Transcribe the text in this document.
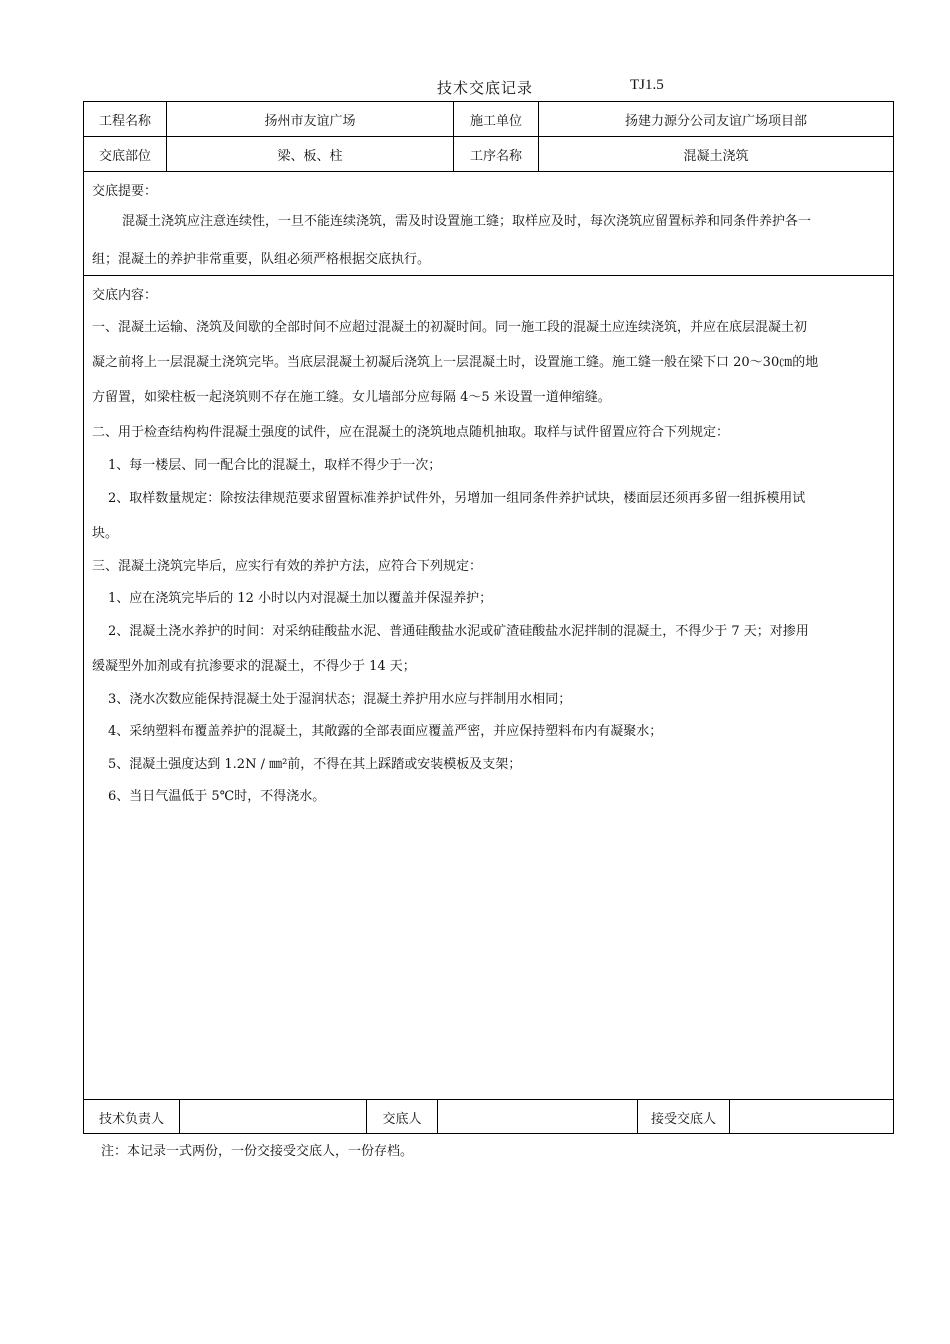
技术交底记录	TJ1.5
工程名称	扬州市友谊广场	施工单位	扬建力源分公司友谊广场项目部
交底部位	梁、板、柱	工序名称	混凝土浇筑
交底提要：
混凝土浇筑应注意连续性，一旦不能连续浇筑，需及时设置施工缝；取样应及时，每次浇筑应留置标养和同条件养护各一
组；混凝土的养护非常重要，队组必须严格根据交底执行。
交底内容：
一、混凝土运输、浇筑及间歇的全部时间不应超过混凝土的初凝时间。同一施工段的混凝土应连续浇筑，并应在底层混凝土初
凝之前将上一层混凝土浇筑完毕。当底层混凝土初凝后浇筑上一层混凝土时，设置施工缝。施工缝一般在梁下口 20～30㎝的地
方留置，如梁柱板一起浇筑则不存在施工缝。女儿墙部分应每隔 4～5 米设置一道伸缩缝。
二、用于检查结构构件混凝土强度的试件，应在混凝土的浇筑地点随机抽取。取样与试件留置应符合下列规定：
1、每一楼层、同一配合比的混凝土，取样不得少于一次；
2、取样数量规定：除按法律规范要求留置标准养护试件外，另增加一组同条件养护试块，楼面层还须再多留一组拆模用试
块。
三、混凝土浇筑完毕后，应实行有效的养护方法，应符合下列规定：
1、应在浇筑完毕后的 12 小时以内对混凝土加以覆盖并保湿养护；
2、混凝土浇水养护的时间：对采纳硅酸盐水泥、普通硅酸盐水泥或矿渣硅酸盐水泥拌制的混凝土，不得少于 7 天；对掺用
缓凝型外加剂或有抗渗要求的混凝土，不得少于 14 天；
3、浇水次数应能保持混凝土处于湿润状态；混凝土养护用水应与拌制用水相同；
4、采纳塑料布覆盖养护的混凝土，其敞露的全部表面应覆盖严密，并应保持塑料布内有凝聚水；
5、混凝土强度达到 1.2N / ㎜²前，不得在其上踩踏或安装模板及支架；
6、当日气温低于 5℃时，不得浇水。
技术负责人	交底人	接受交底人
注：本记录一式两份，一份交接受交底人，一份存档。
